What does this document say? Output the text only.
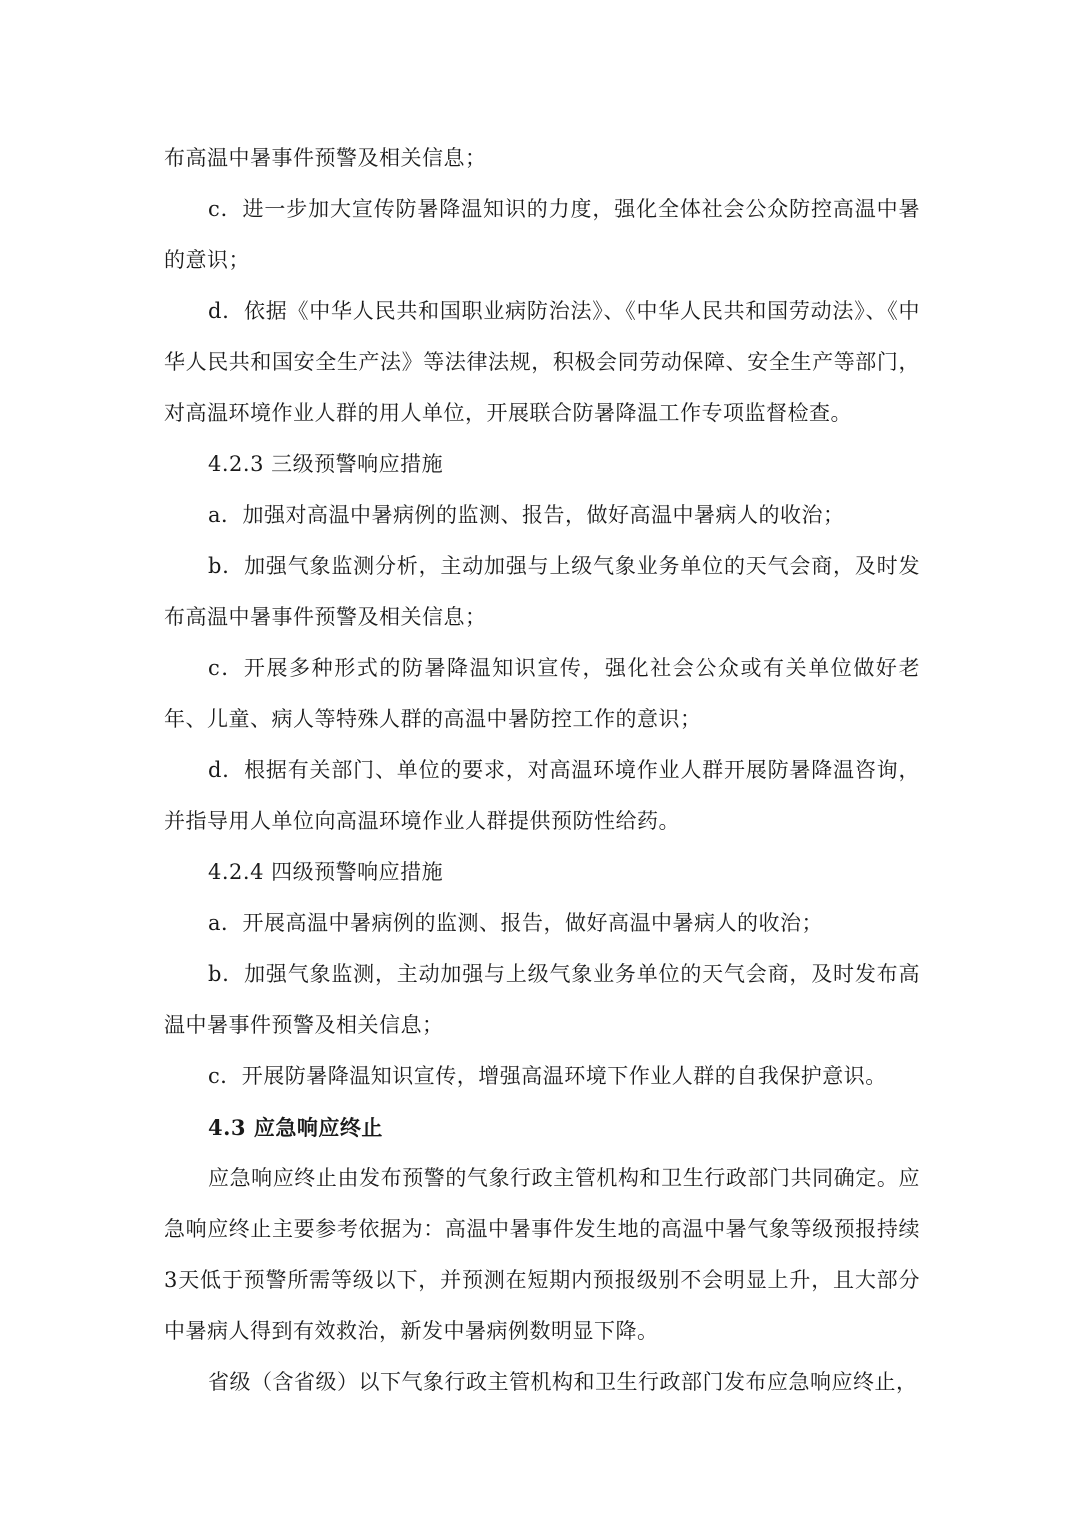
布高温中暑事件预警及相关信息；

c．进一步加大宣传防暑降温知识的力度，强化全体社会公众防控高温中暑的意识；

d．依据《中华人民共和国职业病防治法》、《中华人民共和国劳动法》、《中华人民共和国安全生产法》等法律法规，积极会同劳动保障、安全生产等部门，对高温环境作业人群的用人单位，开展联合防暑降温工作专项监督检查。

4.2.3 三级预警响应措施

a．加强对高温中暑病例的监测、报告，做好高温中暑病人的收治；

b．加强气象监测分析，主动加强与上级气象业务单位的天气会商，及时发布高温中暑事件预警及相关信息；

c．开展多种形式的防暑降温知识宣传，强化社会公众或有关单位做好老年、儿童、病人等特殊人群的高温中暑防控工作的意识；

d．根据有关部门、单位的要求，对高温环境作业人群开展防暑降温咨询，并指导用人单位向高温环境作业人群提供预防性给药。

4.2.4 四级预警响应措施

a．开展高温中暑病例的监测、报告，做好高温中暑病人的收治；

b．加强气象监测，主动加强与上级气象业务单位的天气会商，及时发布高温中暑事件预警及相关信息；

c．开展防暑降温知识宣传，增强高温环境下作业人群的自我保护意识。

4.3 应急响应终止

应急响应终止由发布预警的气象行政主管机构和卫生行政部门共同确定。应急响应终止主要参考依据为：高温中暑事件发生地的高温中暑气象等级预报持续3天低于预警所需等级以下，并预测在短期内预报级别不会明显上升，且大部分中暑病人得到有效救治，新发中暑病例数明显下降。

省级（含省级）以下气象行政主管机构和卫生行政部门发布应急响应终止，
